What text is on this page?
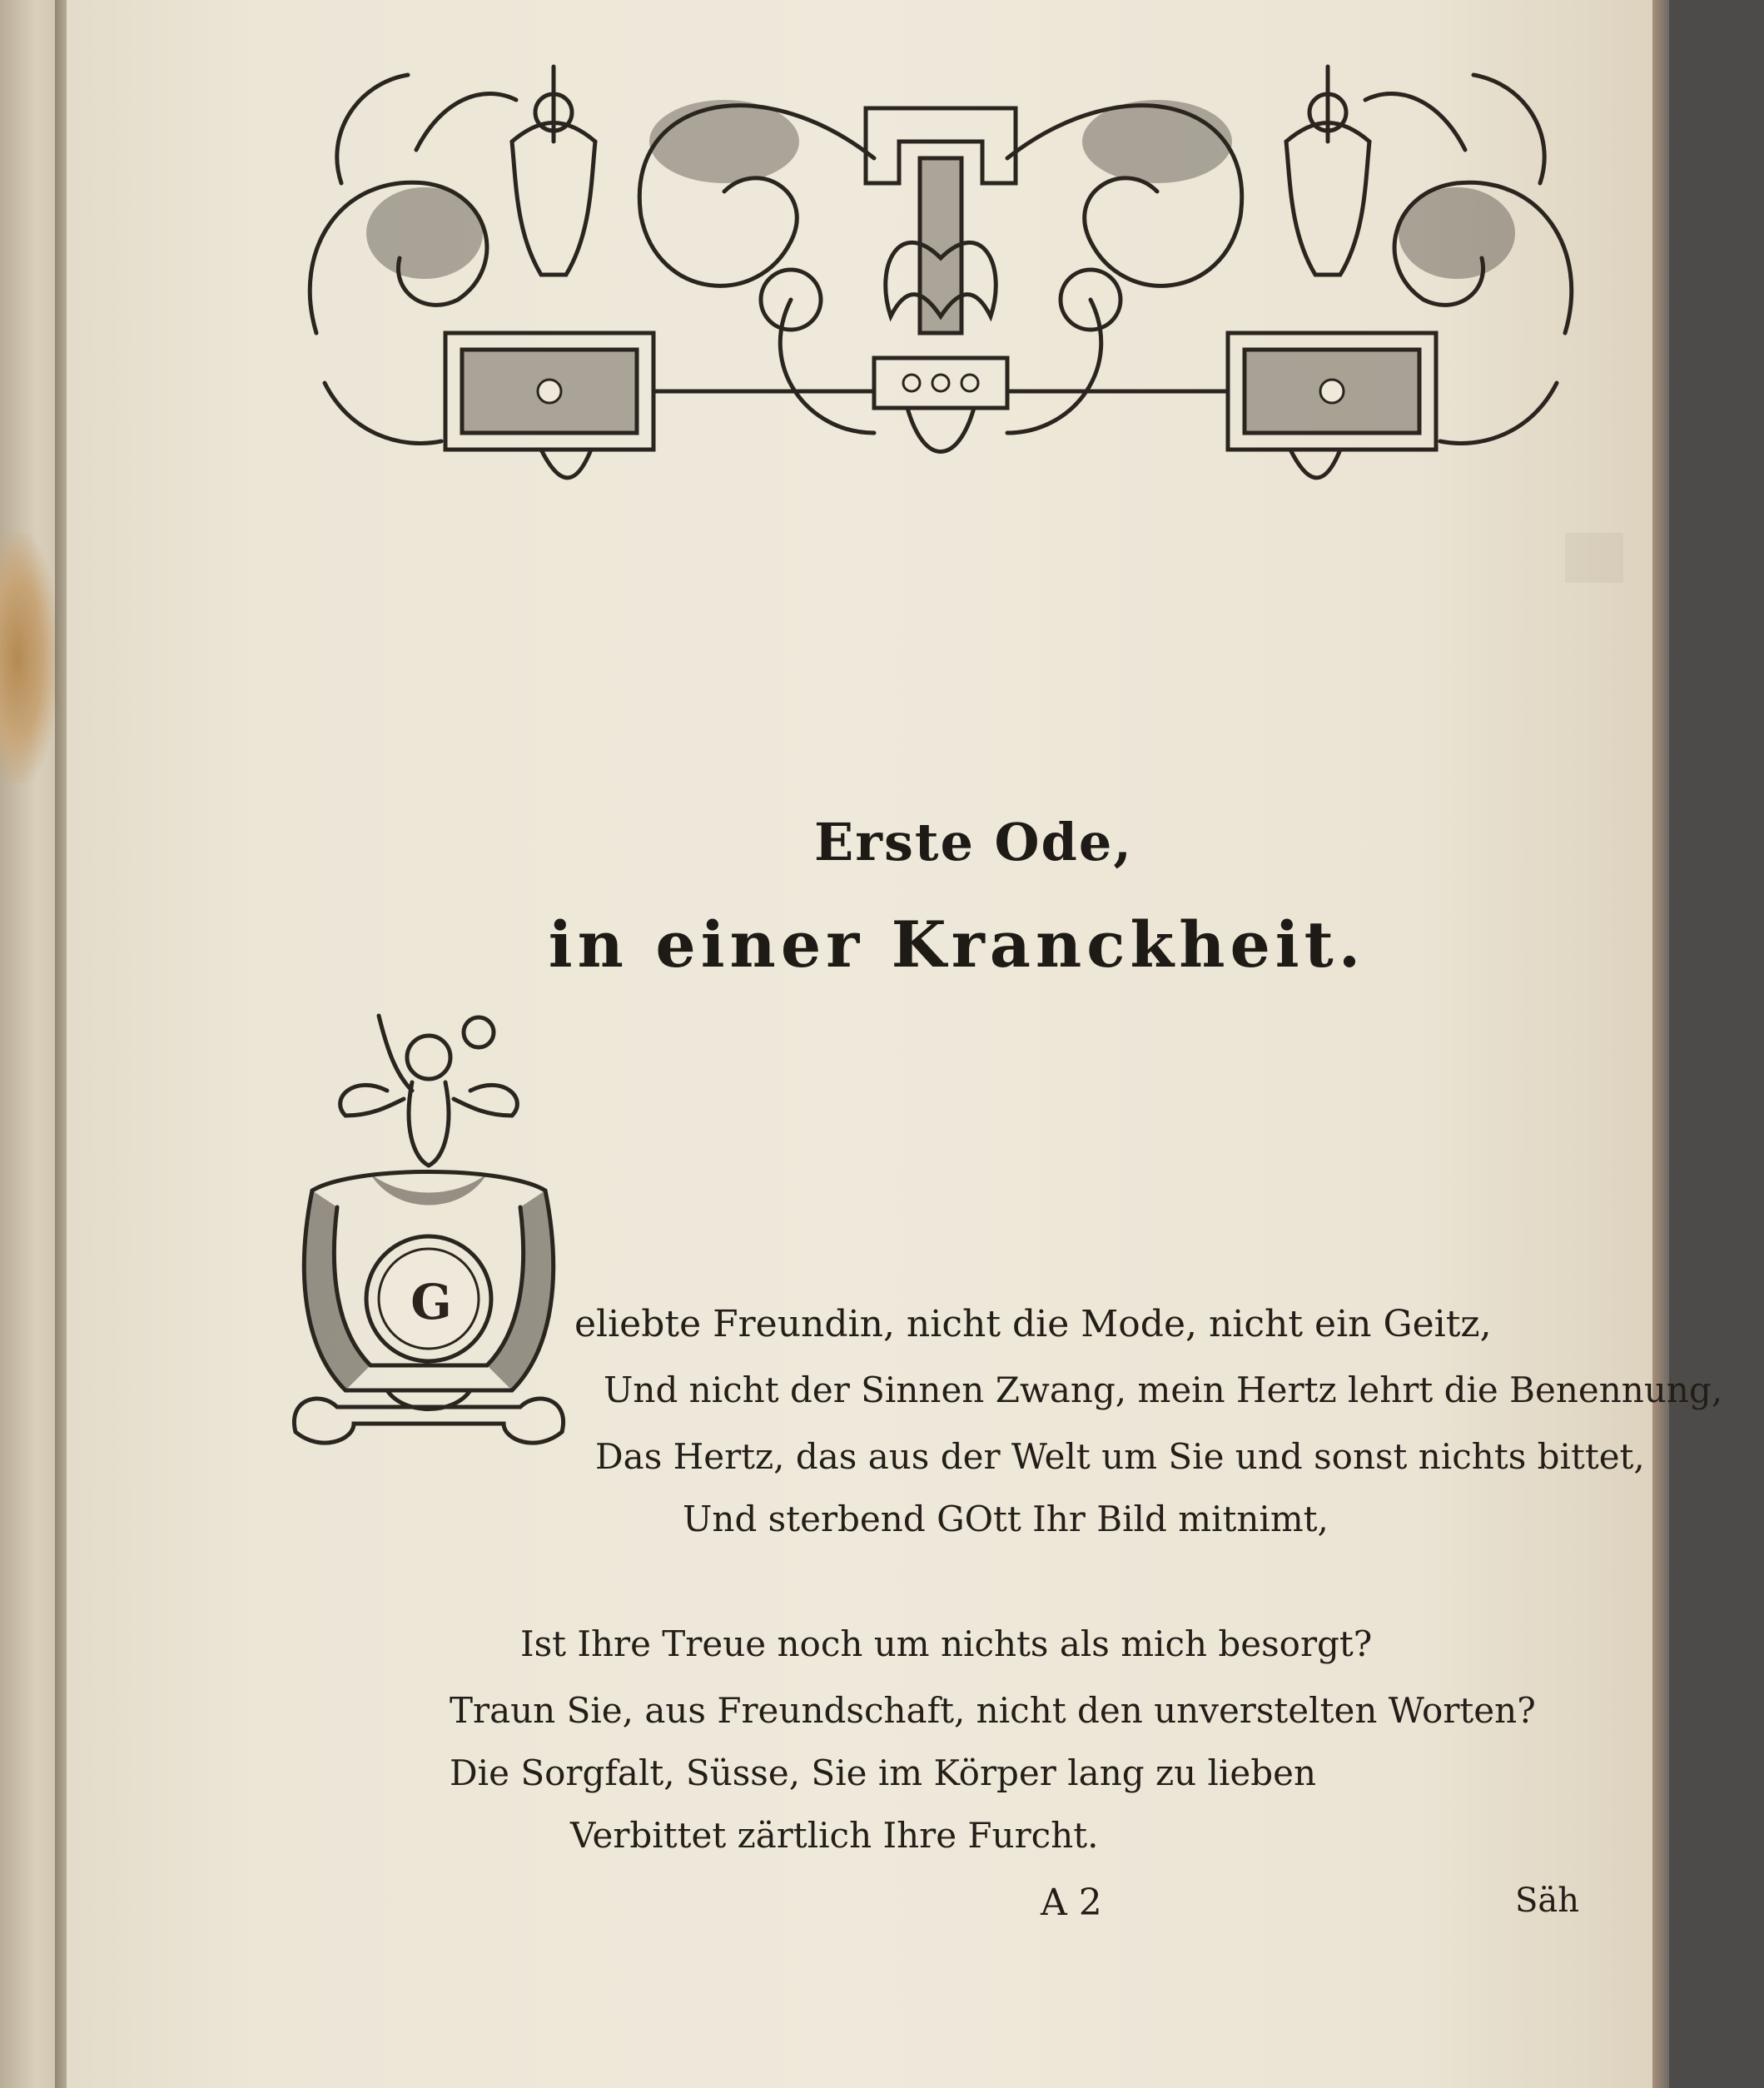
Erste Ode,
in einer Kranckheit.
G	eliebte Freundin, nicht die Mode, nicht ein Geitz,

Und nicht der Sinnen Zwang, mein Hertz lehrt die Benennung,

Das Hertz, das aus der Welt um Sie und sonst nichts bittet,

Und sterbend GOtt Ihr Bild mitnimt,

Ist Ihre Treue noch um nichts als mich besorgt?

Traun Sie, aus Freundschaft, nicht den unverstelten Worten?

Die Sorgfalt, Süsse, Sie im Körper lang zu lieben

Verbittet zärtlich Ihre Furcht.

A 2	Säh
